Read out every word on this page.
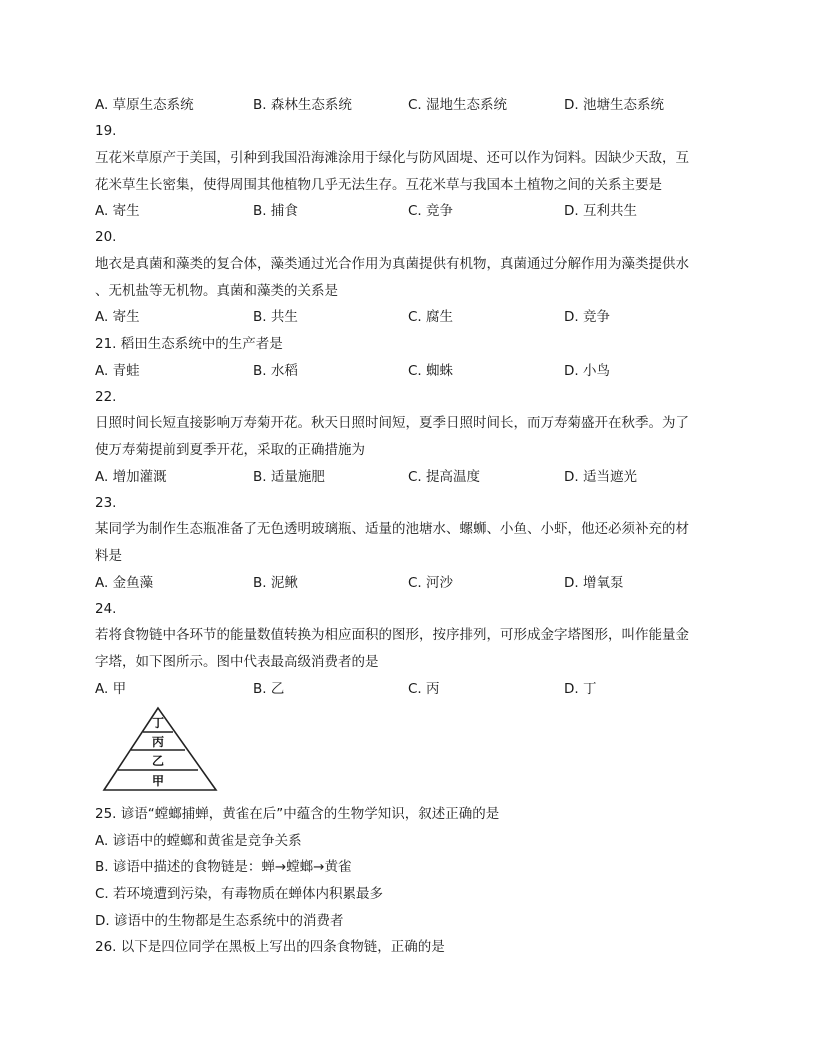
A. 草原生态系统	B. 森林生态系统	C. 湿地生态系统	D. 池塘生态系统
19.
互花米草原产于美国，引种到我国沿海滩涂用于绿化与防风固堤、还可以作为饲料。因缺少天敌，互
花米草生长密集，使得周围其他植物几乎无法生存。互花米草与我国本土植物之间的关系主要是
A. 寄生	B. 捕食	C. 竞争	D. 互利共生
20.
地衣是真菌和藻类的复合体，藻类通过光合作用为真菌提供有机物，真菌通过分解作用为藻类提供水
、无机盐等无机物。真菌和藻类的关系是
A. 寄生	B. 共生	C. 腐生	D. 竞争
21. 稻田生态系统中的生产者是
A. 青蛙	B. 水稻	C. 蜘蛛	D. 小鸟
22.
日照时间长短直接影响万寿菊开花。秋天日照时间短，夏季日照时间长，而万寿菊盛开在秋季。为了
使万寿菊提前到夏季开花，采取的正确措施为
A. 增加灌溉	B. 适量施肥	C. 提高温度	D. 适当遮光
23.
某同学为制作生态瓶准备了无色透明玻璃瓶、适量的池塘水、螺蛳、小鱼、小虾，他还必须补充的材
料是
A. 金鱼藻	B. 泥鳅	C. 河沙	D. 增氧泵
24.
若将食物链中各环节的能量数值转换为相应面积的图形，按序排列，可形成金字塔图形，叫作能量金
字塔，如下图所示。图中代表最高级消费者的是
A. 甲	B. 乙	C. 丙	D. 丁
丁
丙
乙
甲
25. 谚语“螳螂捕蝉，黄雀在后”中蕴含的生物学知识，叙述正确的是
A. 谚语中的螳螂和黄雀是竞争关系
B. 谚语中描述的食物链是：蝉→螳螂→黄雀
C. 若环境遭到污染，有毒物质在蝉体内积累最多
D. 谚语中的生物都是生态系统中的消费者
26. 以下是四位同学在黑板上写出的四条食物链，正确的是
